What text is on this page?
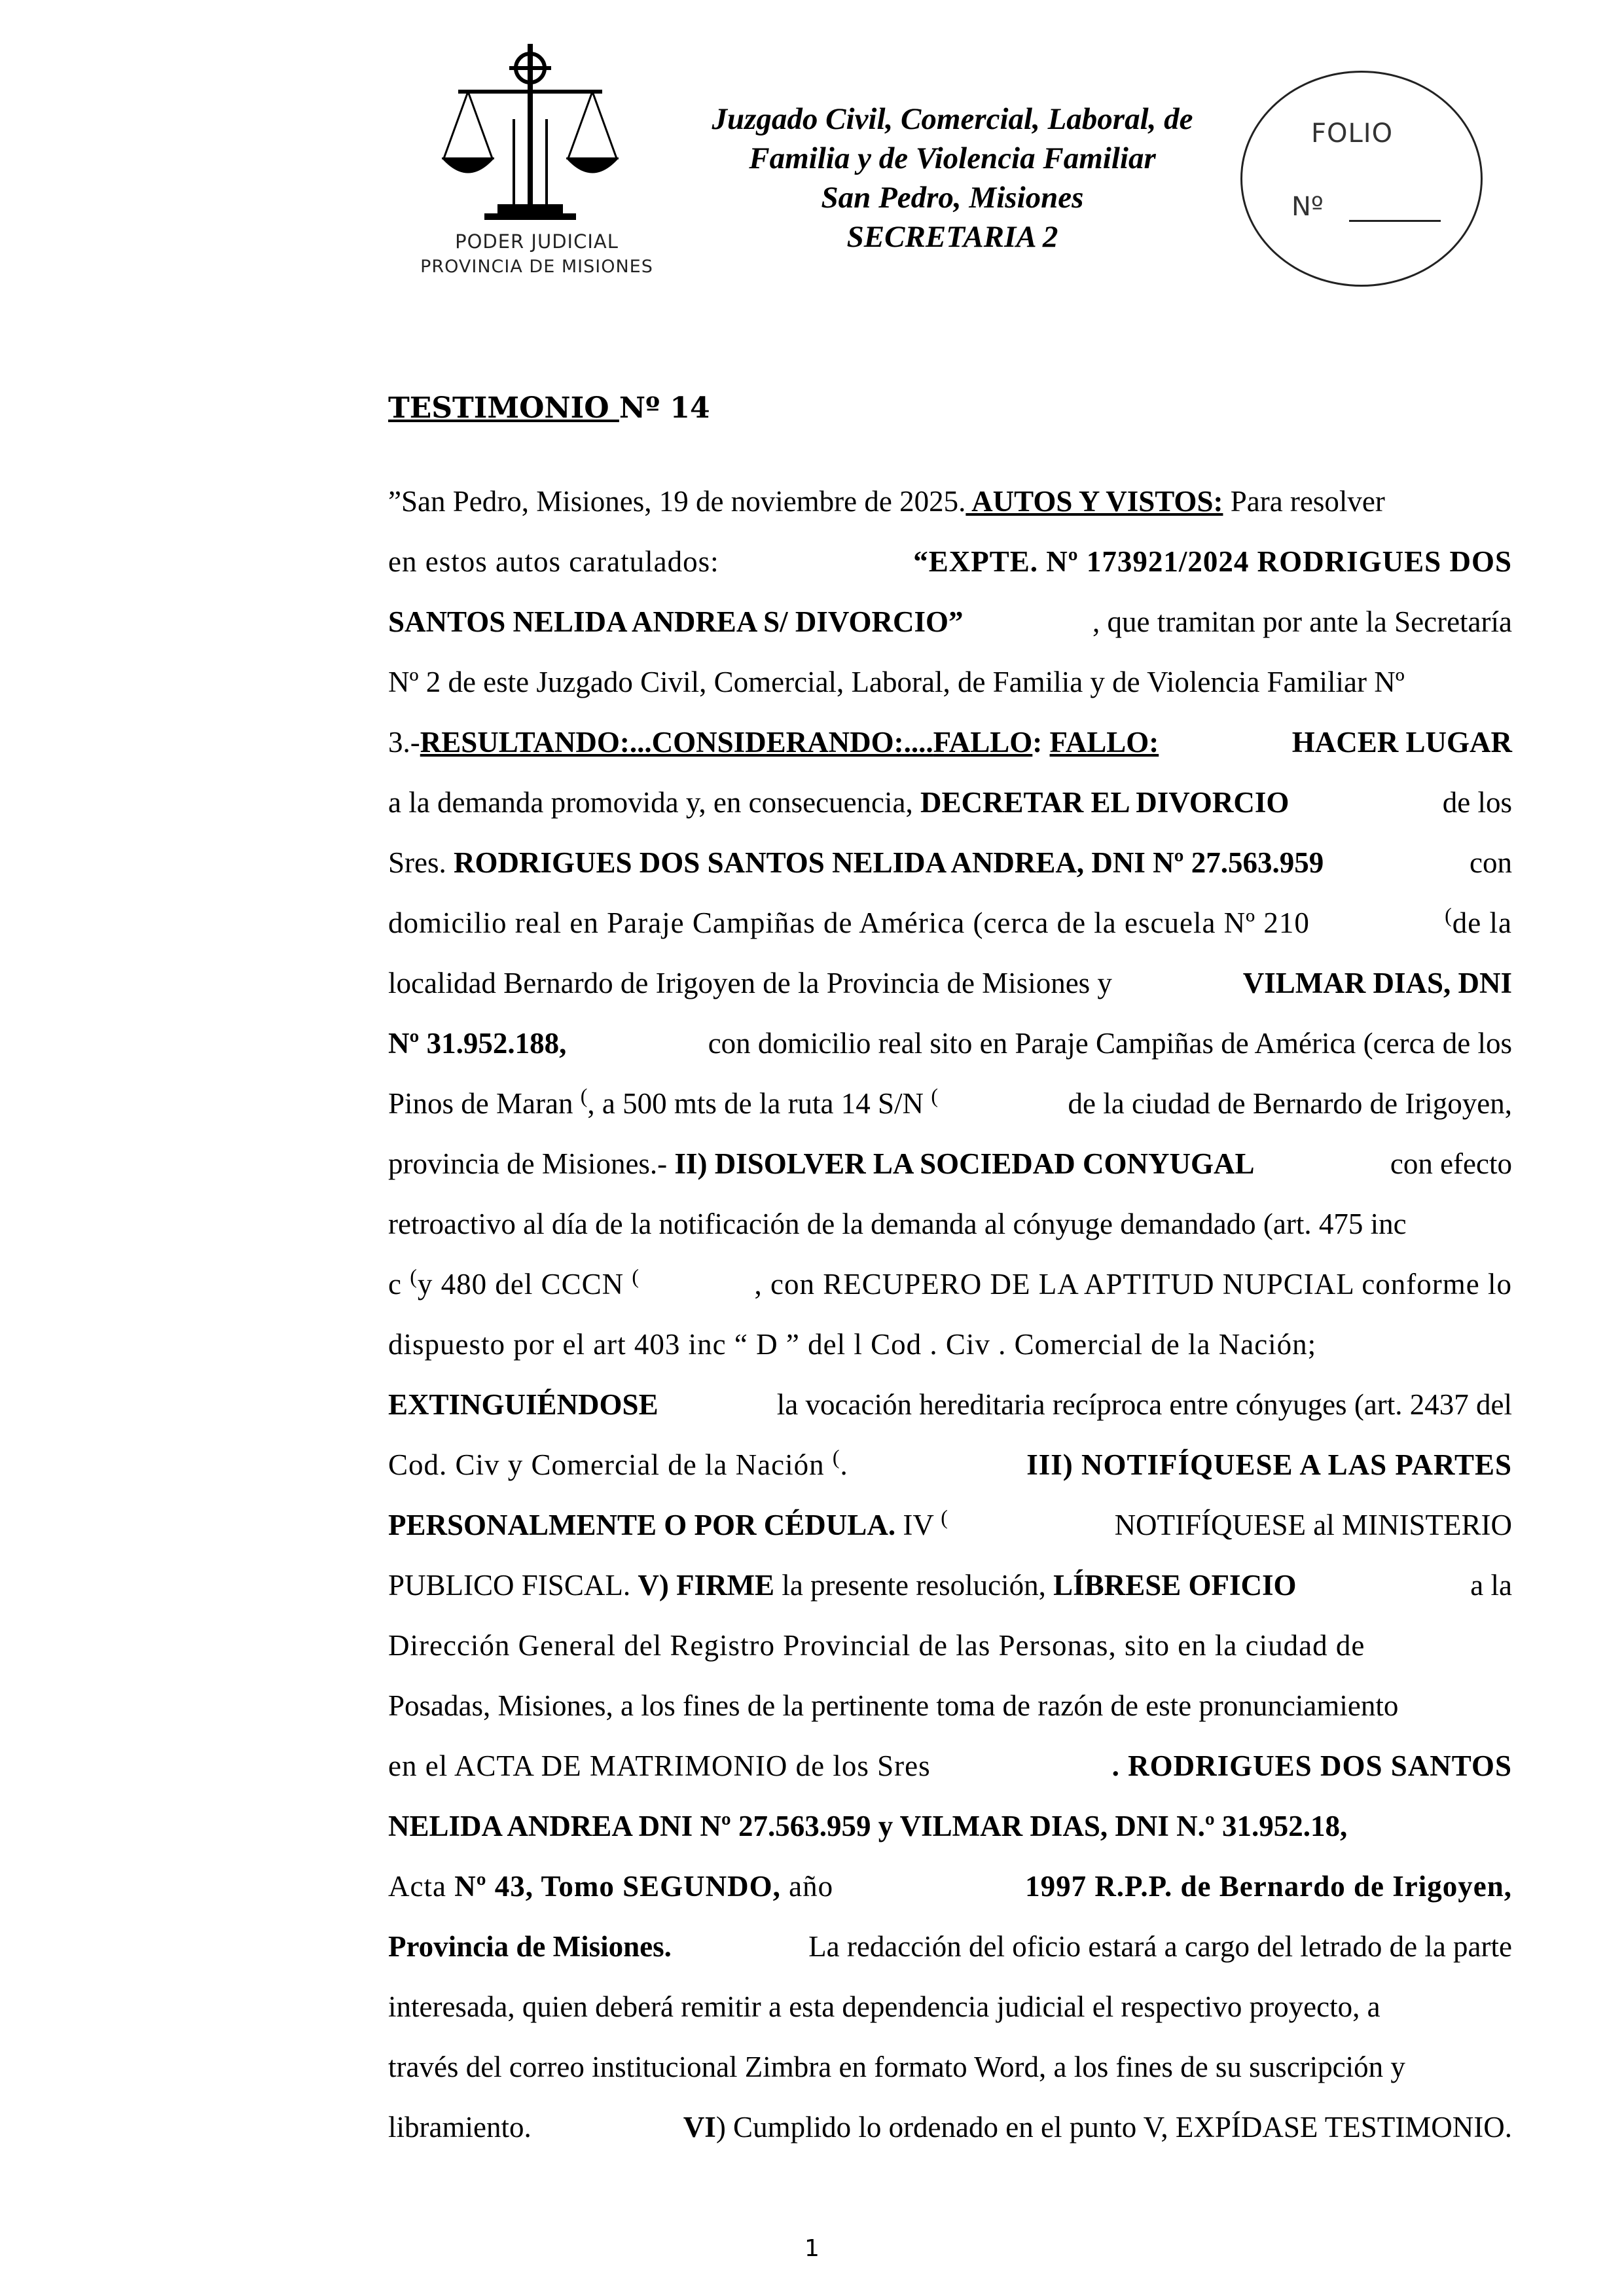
PODER JUDICIAL
PROVINCIA DE MISIONES
Juzgado Civil, Comercial, Laboral, de
Familia y de Violencia Familiar
San Pedro, Misiones
SECRETARIA 2
FOLIO
Nº
TESTIMONIO Nº 14
”San Pedro, Misiones, 19 de noviembre de 2025. AUTOS Y VISTOS: Para resolver
en estos autos caratulados:	“EXPTE. Nº 173921/2024 RODRIGUES DOS
SANTOS NELIDA ANDREA S/ DIVORCIO”	, que tramitan por ante la Secretaría
Nº 2 de este Juzgado Civil, Comercial, Laboral, de Familia y de Violencia Familiar Nº
3.-RESULTANDO:...CONSIDERANDO:....FALLO: FALLO:	HACER LUGAR
a la demanda promovida y, en consecuencia, DECRETAR EL DIVORCIO	de los
Sres. RODRIGUES DOS SANTOS NELIDA ANDREA, DNI Nº 27.563.959	con
domicilio real en Paraje Campiñas de América (cerca de la escuela Nº 210	(de la
localidad Bernardo de Irigoyen de la Provincia de Misiones y	VILMAR DIAS, DNI
Nº 31.952.188,	con domicilio real sito en Paraje Campiñas de América (cerca de los
Pinos de Maran (, a 500 mts de la ruta 14 S/N (	de la ciudad de Bernardo de Irigoyen,
provincia de Misiones.- II) DISOLVER LA SOCIEDAD CONYUGAL	con efecto
retroactivo al día de la notificación de la demanda al cónyuge demandado (art. 475 inc
c (y 480 del CCCN (	, con RECUPERO DE LA APTITUD NUPCIAL conforme lo
dispuesto por el art 403 inc “ D ” del l Cod . Civ . Comercial de la Nación;
EXTINGUIÉNDOSE	la vocación hereditaria recíproca entre cónyuges (art. 2437 del
Cod. Civ y Comercial de la Nación (.	III) NOTIFÍQUESE A LAS PARTES
PERSONALMENTE O POR CÉDULA. IV (	NOTIFÍQUESE al MINISTERIO
PUBLICO FISCAL. V) FIRME la presente resolución, LÍBRESE OFICIO	a la
Dirección General del Registro Provincial de las Personas, sito en la ciudad de
Posadas, Misiones, a los fines de la pertinente toma de razón de este pronunciamiento
en el ACTA DE MATRIMONIO de los Sres	. RODRIGUES DOS SANTOS
NELIDA ANDREA DNI Nº 27.563.959 y VILMAR DIAS, DNI N.º 31.952.18,
Acta Nº 43, Tomo SEGUNDO, año	1997 R.P.P. de Bernardo de Irigoyen,
Provincia de Misiones.	La redacción del oficio estará a cargo del letrado de la parte
interesada, quien deberá remitir a esta dependencia judicial el respectivo proyecto, a
través del correo institucional Zimbra en formato Word, a los fines de su suscripción y
libramiento.	VI) Cumplido lo ordenado en el punto V, EXPÍDASE TESTIMONIO.
1
